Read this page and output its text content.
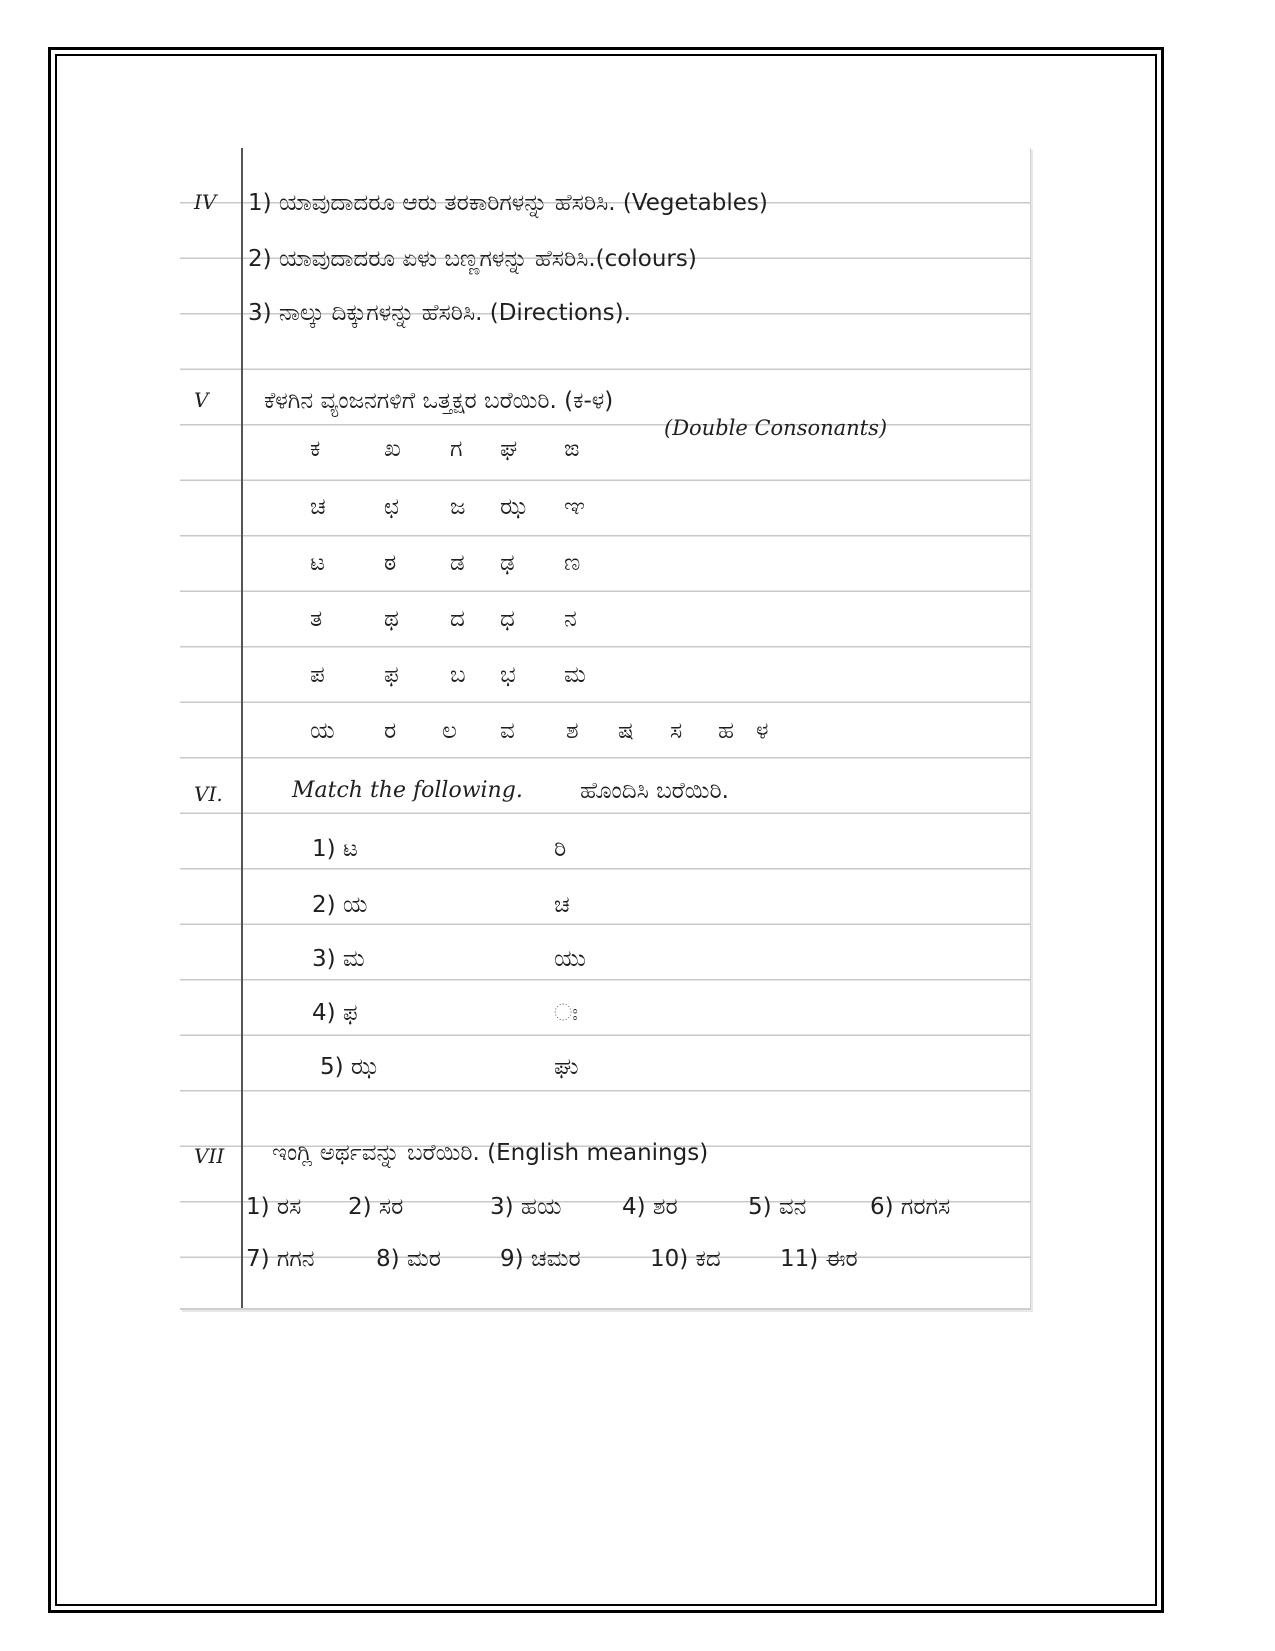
IV 1) ಯಾವುದಾದರೂ ಆರು ತರಕಾರಿಗಳನ್ನು ಹೆಸರಿಸಿ. (Vegetables)
2) ಯಾವುದಾದರೂ ಏಳು ಬಣ್ಣಗಳನ್ನು ಹೆಸರಿಸಿ.(colours)
3) ನಾಲ್ಕು ದಿಕ್ಕುಗಳನ್ನು ಹೆಸರಿಸಿ. (Directions).
V ಕೆಳಗಿನ ವ್ಯಂಜನಗಳಿಗೆ ಒತ್ತಕ್ಷರ ಬರೆಯಿರಿ. (ಕ-ಳ)
(Double Consonants)
ಕ	ಖ ಗ ಘ ಙ
ಚ	ಛ ಜ ಝ ಞ
ಟ	ಠ ಡ ಢ ಣ
ತ	ಥ ದ ಧ ನ
ಪ	ಫ ಬ ಭ ಮ
ಯ ರ ಲ ವ ಶ ಷ ಸ ಹ ಳ
VI.	Match the following. ಹೊಂದಿಸಿ ಬರೆಯಿರಿ.
1) ಟ	ರಿ
2) ಯ	ಚ
3) ಮ	ಯು
4) ಫ	ಃ
5) ಝ	ಘು
VII ಇಂಗ್ಲಿ ಅರ್ಥವನ್ನು ಬರೆಯಿರಿ. (English meanings)
1) ರಸ 2) ಸರ	3) ಹಯ	4) ಶರ	5) ವನ	6) ಗರಗಸ
7) ಗಗನ	8) ಮರ	9) ಚಮರ	10) ಕದ	11) ಈರ
